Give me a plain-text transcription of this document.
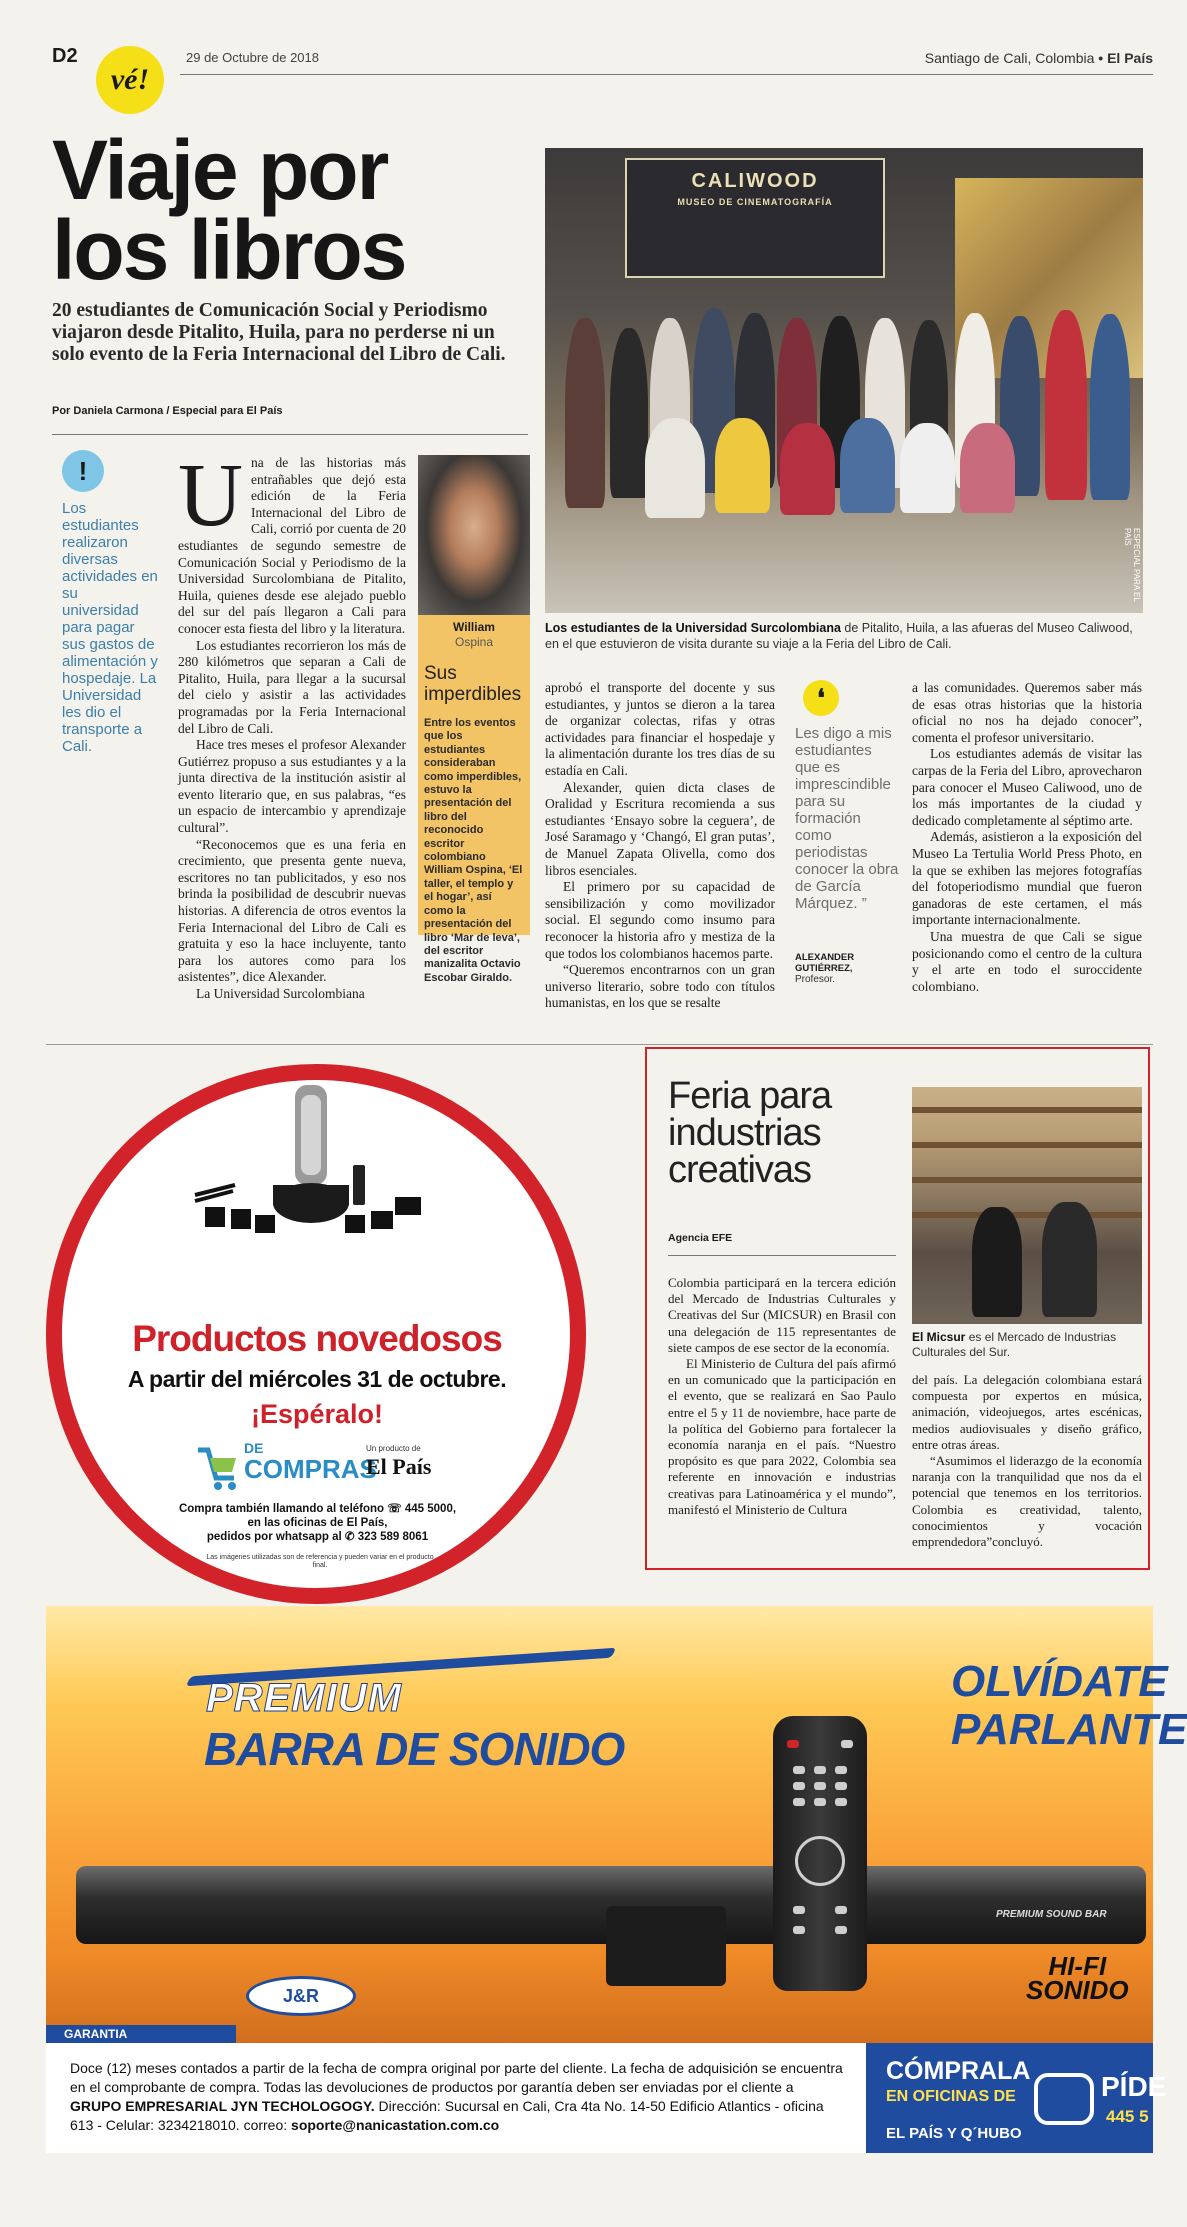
D2
vé!
29 de Octubre de 2018	Santiago de Cali, Colombia • El País
Viaje por
los libros
20 estudiantes de Comunicación Social y Periodismo viajaron desde Pitalito, Huila, para no perderse ni un solo evento de la Feria Internacional del Libro de Cali.
Por Daniela Carmona / Especial para El País
CALIWOOD
MUSEO DE CINEMATOGRAFÍA
ESPECIAL PARA EL PAÍS
Los estudiantes de la Universidad Surcolombiana de Pitalito, Huila, a las afueras del Museo Caliwood, en el que estuvieron de visita durante su viaje a la Feria del Libro de Cali.
!
Los estudiantes realizaron diversas actividades en su universidad para pagar sus gastos de alimentación y hospedaje. La Universidad les dio el transporte a Cali.

Una de las historias más entrañables que dejó esta edición de la Feria Internacional del Libro de Cali, corrió por cuenta de 20 estudiantes de segundo semestre de Comunicación Social y Periodismo de la Universidad Surcolombiana de Pitalito, Huila, quienes desde ese alejado pueblo del sur del país llegaron a Cali para conocer esta fiesta del libro y la literatura.

Los estudiantes recorrieron los más de 280 kilómetros que separan a Cali de Pitalito, Huila, para llegar a la sucursal del cielo y asistir a las actividades programadas por la Feria Internacional del Libro de Cali.

Hace tres meses el profesor Alexander Gutiérrez propuso a sus estudiantes y a la junta directiva de la institución asistir al evento literario que, en sus palabras, “es un espacio de intercambio y aprendizaje cultural”.

“Reconocemos que es una feria en crecimiento, que presenta gente nueva, escritores no tan publicitados, y eso nos brinda la posibilidad de descubrir nuevas historias. A diferencia de otros eventos la Feria Internacional del Libro de Cali es gratuita y eso la hace incluyente, tanto para los autores como para los asistentes”, dice Alexander.

La Universidad Surcolombiana

William
Ospina
Sus imperdibles
Entre los eventos que los estudiantes consideraban como imperdibles, estuvo la presentación del libro del reconocido escritor colombiano William Ospina, ‘El taller, el templo y el hogar’, así como la presentación del libro ‘Mar de leva’, del escritor manizalita Octavio Escobar Giraldo.

aprobó el transporte del docente y sus estudiantes, y juntos se dieron a la tarea de organizar colectas, rifas y otras actividades para financiar el hospedaje y la alimentación durante los tres días de su estadía en Cali.

Alexander, quien dicta clases de Oralidad y Escritura recomienda a sus estudiantes ‘Ensayo sobre la ceguera’, de José Saramago y ‘Changó, El gran putas’, de Manuel Zapata Olivella, como dos libros esenciales.

El primero por su capacidad de sensibilización y como movilizador social. El segundo como insumo para reconocer la historia afro y mestiza de la que todos los colombianos hacemos parte.

“Queremos encontrarnos con un gran universo literario, sobre todo con títulos humanistas, en los que se resalte

❛
Les digo a mis estudiantes que es imprescindible para su formación como periodistas conocer la obra de García Márquez. ”
ALEXANDER GUTIÉRREZ,
Profesor.

a las comunidades. Queremos saber más de esas otras historias que la historia oficial no nos ha dejado conocer”, comenta el profesor universitario.

Los estudiantes además de visitar las carpas de la Feria del Libro, aprovecharon para conocer el Museo Caliwood, uno de los más importantes de la ciudad y dedicado completamente al séptimo arte.

Además, asistieron a la exposición del Museo La Tertulia World Press Photo, en la que se exhiben las mejores fotografías del fotoperiodismo mundial que fueron ganadoras de este certamen, el más importante internacionalmente.

Una muestra de que Cali se sigue posicionando como el centro de la cultura y el arte en todo el suroccidente colombiano.

Productos novedosos
A partir del miércoles 31 de octubre.
¡Espéralo!
DE
COMPRAS
Un producto de
El País
Compra también llamando al teléfono ☏ 445 5000,
en las oficinas de El País,
pedidos por whatsapp al ✆ 323 589 8061
Las imágenes utilizadas son de referencia y pueden variar en el producto final.
Feria para industrias creativas
Agencia EFE

Colombia participará en la tercera edición del Mercado de Industrias Culturales y Creativas del Sur (MICSUR) en Brasil con una delegación de 115 representantes de siete campos de ese sector de la economía.

El Ministerio de Cultura del país afirmó en un comunicado que la participación en el evento, que se realizará en Sao Paulo entre el 5 y 11 de noviembre, hace parte de la política del Gobierno para fortalecer la economía naranja en el país. “Nuestro propósito es que para 2022, Colombia sea referente en innovación e industrias creativas para Latinoamérica y el mundo”, manifestó el Ministerio de Cultura

El Micsur es el Mercado de Industrias Culturales del Sur.

del país. La delegación colombiana estará compuesta por expertos en música, animación, videojuegos, artes escénicas, medios audiovisuales y diseño gráfico, entre otras áreas.

“Asumimos el liderazgo de la economía naranja con la tranquilidad que nos da el potencial que tenemos en los territorios. Colombia es creatividad, talento, conocimientos y vocación emprendedora”concluyó.

PREMIUM
BARRA DE SONIDO
OLVÍDATE
PARLANTE
PREMIUM SOUND BAR
HI-FI
SONIDO
J&R
GARANTIA
Doce (12) meses contados a partir de la fecha de compra original por parte del cliente. La fecha de adquisición se encuentra en el comprobante de compra. Todas las devoluciones de productos por garantía deben ser enviadas por el cliente a GRUPO EMPRESARIAL JYN TECHOLOGOGY. Dirección: Sucursal en Cali, Cra 4ta No. 14-50 Edificio Atlantics - oficina 613 - Celular: 3234218010. correo: soporte@nanicastation.com.co
CÓMPRALA
EN OFICINAS DE
EL PAÍS Y Q´HUBO
PÍDE
445 5
